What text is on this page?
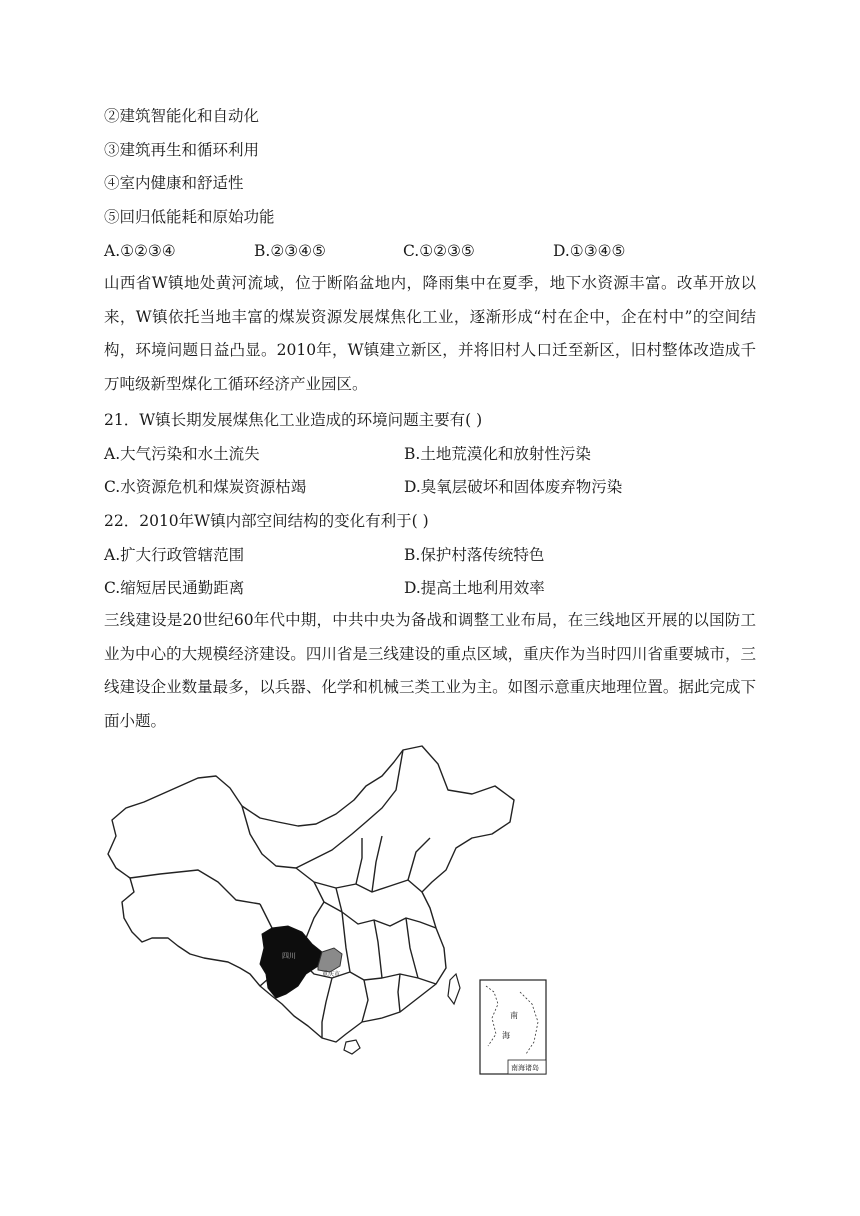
②建筑智能化和自动化
③建筑再生和循环利用
④室内健康和舒适性
⑤回归低能耗和原始功能
A.①②③④	B.②③④⑤	C.①②③⑤	D.①③④⑤
山西省W镇地处黄河流域，位于断陷盆地内，降雨集中在夏季，地下水资源丰富。改革开放以来，W镇依托当地丰富的煤炭资源发展煤焦化工业，逐渐形成“村在企中，企在村中”的空间结构，环境问题日益凸显。2010年，W镇建立新区，并将旧村人口迁至新区，旧村整体改造成千万吨级新型煤化工循环经济产业园区。
21．W镇长期发展煤焦化工业造成的环境问题主要有( )
A.大气污染和水土流失	B.土地荒漠化和放射性污染
C.水资源危机和煤炭资源枯竭	D.臭氧层破坏和固体废弃物污染
22．2010年W镇内部空间结构的变化有利于( )
A.扩大行政管辖范围	B.保护村落传统特色
C.缩短居民通勤距离	D.提高土地利用效率
三线建设是20世纪60年代中期，中共中央为备战和调整工业布局，在三线地区开展的以国防工业为中心的大规模经济建设。四川省是三线建设的重点区域，重庆作为当时四川省重要城市，三线建设企业数量最多，以兵器、化学和机械三类工业为主。如图示意重庆地理位置。据此完成下面小题。
四川
重庆市
南
海
南海诸岛
